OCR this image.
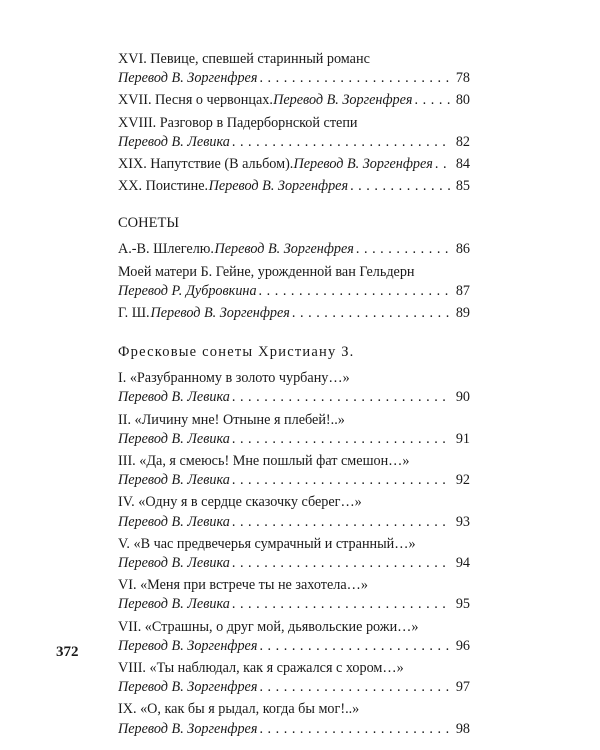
XVI. Певице, спевшей старинный романс
Перевод В. Зоргенфрея . . .	78
XVII. Песня о червонцах. Перевод В. Зоргенфрея . . .	80
XVIII. Разговор в Падерборнской степи
Перевод В. Левика . . .	82
XIX. Напутствие (В альбом). Перевод В. Зоргенфрея . . . 84
XX. Поистине. Перевод В. Зоргенфрея . . .	85
СОНЕТЫ
А.-В. Шлегелю. Перевод В. Зоргенфрея . . .	86
Моей матери Б. Гейне, урожденной ван Гельдерн
Перевод Р. Дубровкина . . .	87
Г. Ш. Перевод В. Зоргенфрея . . .	89
Фресковые сонеты Христиану З.
I. «Разубранному в золото чурбану…»
Перевод В. Левика . . .	90
II. «Личину мне! Отныне я плебей!..»
Перевод В. Левика . . .	91
III. «Да, я смеюсь! Мне пошлый фат смешон…»
Перевод В. Левика . . .	92
IV. «Одну я в сердце сказочку сберег…»
Перевод В. Левика . . .	93
V. «В час предвечерья сумрачный и странный…»
Перевод В. Левика . . .	94
VI. «Меня при встрече ты не захотела…»
Перевод В. Левика . . .	95
VII. «Страшны, о друг мой, дьявольские рожи…»
Перевод В. Зоргенфрея . . .	96
VIII. «Ты наблюдал, как я сражался с хором…»
Перевод В. Зоргенфрея . . .	97
IX. «О, как бы я рыдал, когда бы мог!..»
Перевод В. Зоргенфрея . . .	98
372
